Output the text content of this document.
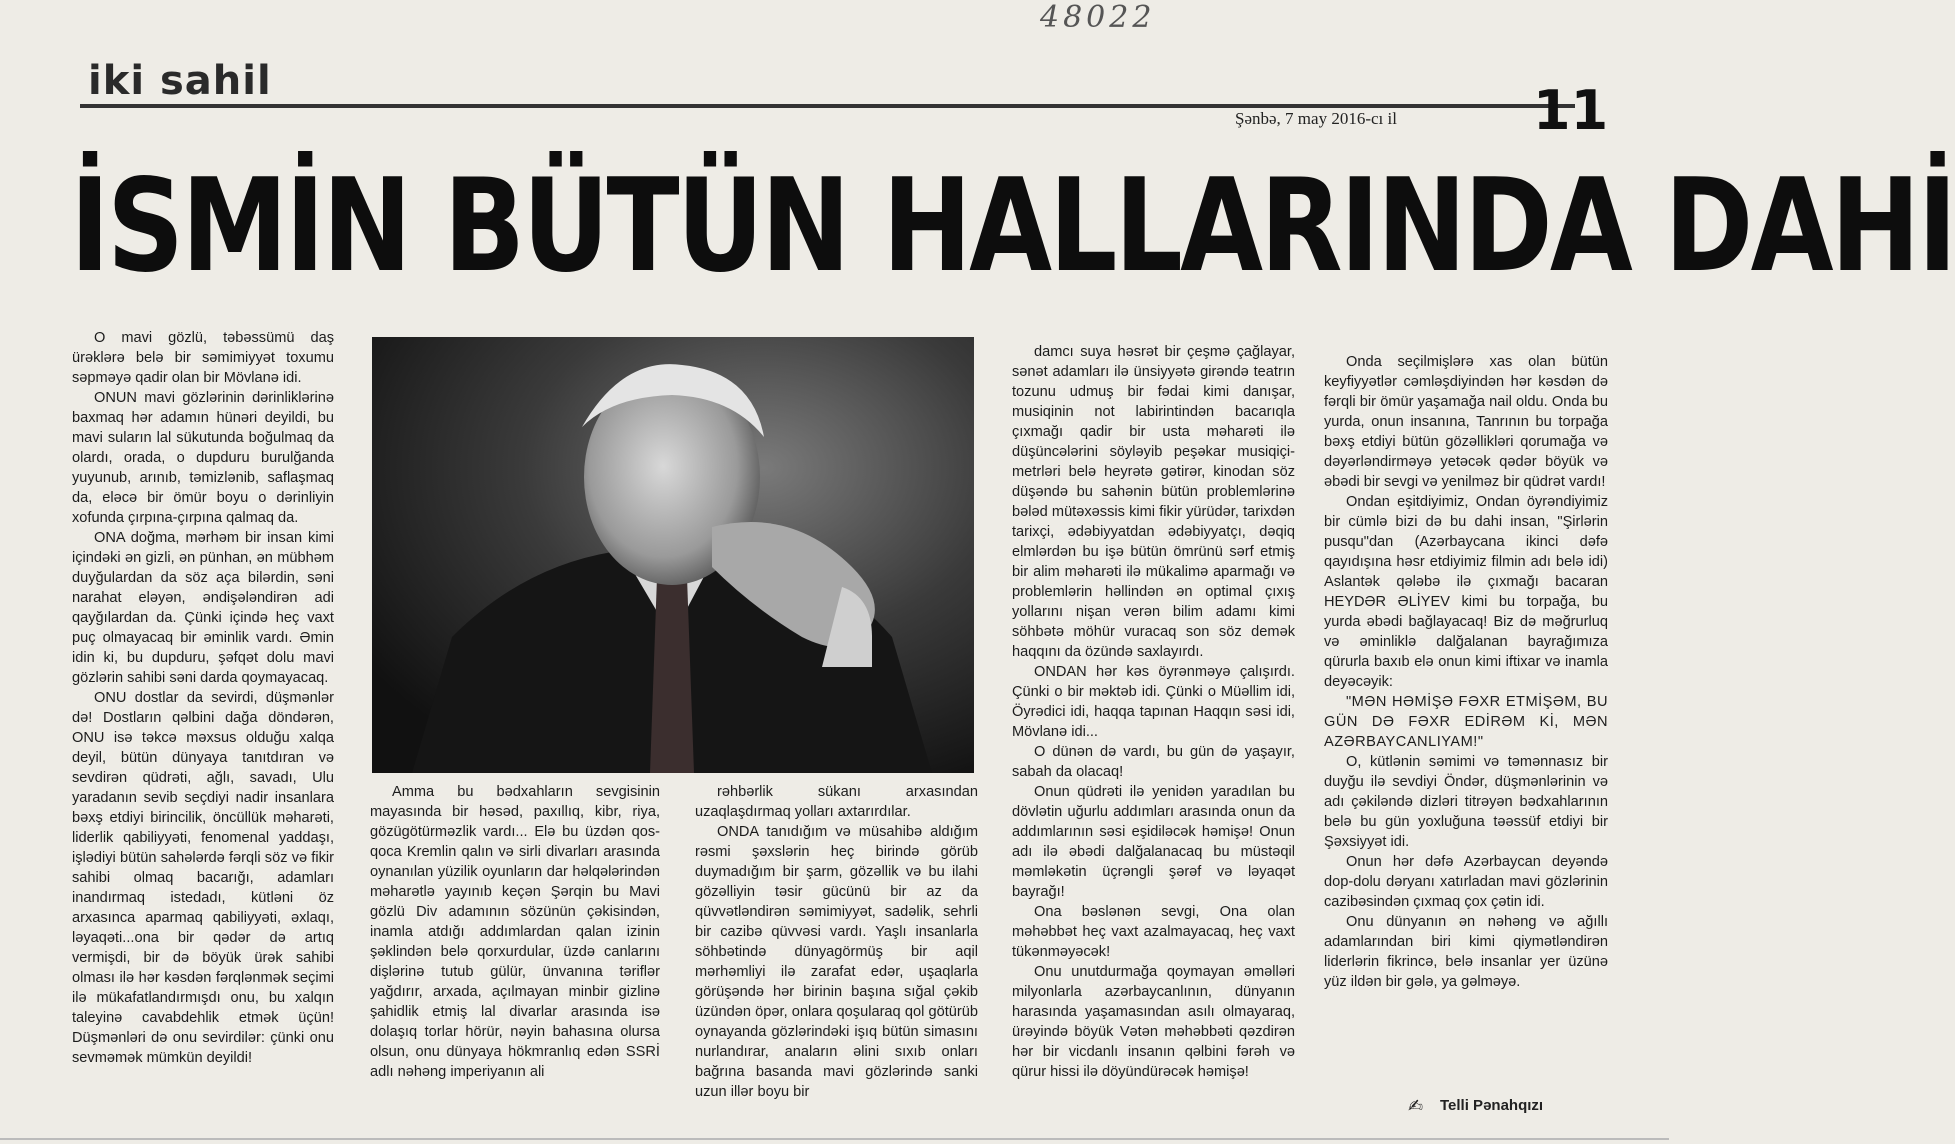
48022
iki sahil
Şənbə, 7 may 2016-cı il	11
İSMİN BÜTÜN HALLARINDA DAHİ

O mavi gözlü, təbəssümü daş ürəklərə belə bir səmimiyyət toxumu səpməyə qadir olan bir Mövlanə idi.

ONUN mavi gözlərinin dərinliklərinə baxmaq hər adamın hünəri deyildi, bu mavi suların lal sükutunda boğulmaq da olardı, orada, o dupduru burulğanda yuyunub, arınıb, təmizlənib, saflaşmaq da, eləcə bir ömür boyu o dərinliyin xofunda çırpına-çırpına qalmaq da.

ONA doğma, mərhəm bir insan kimi içindəki ən gizli, ən pünhan, ən mübhəm duyğulardan da söz aça bilərdin, səni narahat eləyən, əndişələndirən adi qayğılardan da. Çünki içində heç vaxt puç olmayacaq bir əminlik vardı. Əmin idin ki, bu dupduru, şəfqət dolu mavi gözlərin sahibi səni darda qoymayacaq.

ONU dostlar da sevirdi, düşmənlər də! Dostların qəlbini dağa döndərən, ONU isə təkcə məxsus olduğu xalqa deyil, bütün dünyaya tanıtdıran və sevdirən qüdrəti, ağlı, savadı, Ulu yaradanın sevib seçdiyi nadir insanlara bəxş etdiyi birincilik, öncüllük məharəti, liderlik qabiliyyəti, fenomenal yaddaşı, işlədiyi bütün sahələrdə fərqli söz və fikir sahibi olmaq bacarığı, adamları inandırmaq istedadı, kütləni öz arxasınca aparmaq qabiliyyəti, əxlaqı, ləyaqəti...ona bir qədər də artıq vermişdi, bir də böyük ürək sahibi olması ilə hər kəsdən fərqlənmək seçimi ilə mükafatlandırmışdı onu, bu xalqın taleyinə cavabdehlik etmək üçün! Düşmənləri də onu sevirdilər: çünki onu sevməmək mümkün deyildi!

Amma bu bədxahların sevgisinin mayasında bir həsəd, paxıllıq, kibr, riya, gözügötürməzlik vardı... Elə bu üzdən qos-qoca Kremlin qalın və sirli divarları arasında oynanılan yüzilik oyunların dar həlqələrindən məharətlə yayınıb keçən Şərqin bu Mavi gözlü Div adamının sözünün çəkisindən, inamla atdığı addımlardan qalan izinin şəklindən belə qorxurdular, üzdə canlarını dişlərinə tutub gülür, ünvanına təriflər yağdırır, arxada, açılmayan minbir gizlinə şahidlik etmiş lal divarlar arasında isə dolaşıq torlar hörür, nəyin bahasına olursa olsun, onu dünyaya hökmranlıq edən SSRİ adlı nəhəng imperiyanın ali

rəhbərlik sükanı arxasından uzaqlaşdırmaq yolları axtarırdılar.

ONDA tanıdığım və müsahibə aldığım rəsmi şəxslərin heç birində görüb duymadığım bir şarm, gözəllik və bu ilahi gözəlliyin təsir gücünü bir az da qüvvətləndirən səmimiyyət, sadəlik, sehrli bir cazibə qüvvəsi vardı. Yaşlı insanlarla söhbətində dünyagörmüş bir aqil mərhəmliyi ilə zarafat edər, uşaqlarla görüşəndə hər birinin başına sığal çəkib üzündən öpər, onlara qoşularaq qol götürüb oynayanda gözlərindəki işıq bütün simasını nurlandırar, anaların əlini sıxıb onları bağrına basanda mavi gözlərində sanki uzun illər boyu bir

damcı suya həsrət bir çeşmə çağlayar, sənət adamları ilə ünsiyyətə girəndə teatrın tozunu udmuş bir fədai kimi danışar, musiqinin not labirintindən bacarıqla çıxmağı qadir bir usta məharəti ilə düşüncələrini söyləyib peşəkar musiqiçi-metrləri belə heyrətə gətirər, kinodan söz düşəndə bu sahənin bütün problemlərinə bələd mütəxəssis kimi fikir yürüdər, tarixdən tarixçi, ədəbiyyatdan ədəbiyyatçı, dəqiq elmlərdən bu işə bütün ömrünü sərf etmiş bir alim məharəti ilə mükalimə aparmağı və problemlərin həllindən ən optimal çıxış yollarını nişan verən bilim adamı kimi söhbətə möhür vuracaq son söz demək haqqını da özündə saxlayırdı.

ONDAN hər kəs öyrənməyə çalışırdı. Çünki o bir məktəb idi. Çünki o Müəllim idi, Öyrədici idi, haqqa tapınan Haqqın səsi idi, Mövlanə idi...

O dünən də vardı, bu gün də yaşayır, sabah da olacaq!

Onun qüdrəti ilə yenidən yaradılan bu dövlətin uğurlu addımları arasında onun da addımlarının səsi eşidiləcək həmişə! Onun adı ilə əbədi dalğalanacaq bu müstəqil məmləkətin üçrəngli şərəf və ləyaqət bayrağı!

Ona bəslənən sevgi, Ona olan məhəbbət heç vaxt azalmayacaq, heç vaxt tükənməyəcək!

Onu unutdurmağa qoymayan əməlləri milyonlarla azərbaycanlının, dünyanın harasında yaşamasından asılı olmayaraq, ürəyində böyük Vətən məhəbbəti qəzdirən hər bir vicdanlı insanın qəlbini fərəh və qürur hissi ilə döyündürəcək həmişə!

Onda seçilmişlərə xas olan bütün keyfiyyətlər cəmləşdiyindən hər kəsdən də fərqli bir ömür yaşamağa nail oldu. Onda bu yurda, onun insanına, Tanrının bu torpağa bəxş etdiyi bütün gözəllikləri qorumağa və dəyərləndirməyə yetəcək qədər böyük və əbədi bir sevgi və yenilməz bir qüdrət vardı!

Ondan eşitdiyimiz, Ondan öyrəndiyimiz bir cümlə bizi də bu dahi insan, "Şirlərin pusqu"dan (Azərbaycana ikinci dəfə qayıdışına həsr etdiyimiz filmin adı belə idi) Aslantək qələbə ilə çıxmağı bacaran HEYDƏR ƏLİYEV kimi bu torpağa, bu yurda əbədi bağlayacaq! Biz də məğrurluq və əminliklə dalğalanan bayrağımıza qürurla baxıb elə onun kimi iftixar və inamla deyəcəyik:

"MƏN HƏMİŞƏ FƏXR ETMİŞƏM, BU GÜN DƏ FƏXR EDİRƏM Kİ, MƏN AZƏRBAYCANLIYAM!"

O, kütlənin səmimi və təmənnasız bir duyğu ilə sevdiyi Öndər, düşmənlərinin və adı çəkiləndə dizləri titrəyən bədxahlarının belə bu gün yoxluğuna təəssüf etdiyi bir Şəxsiyyət idi.

Onun hər dəfə Azərbaycan deyəndə dop-dolu dəryanı xatırladan mavi gözlərinin cazibəsindən çıxmaq çox çətin idi.

Onu dünyanın ən nəhəng və ağıllı adamlarından biri kimi qiymətləndirən liderlərin fikrincə, belə insanlar yer üzünə yüz ildən bir gələ, ya gəlməyə.

✍ Telli Pənahqızı
